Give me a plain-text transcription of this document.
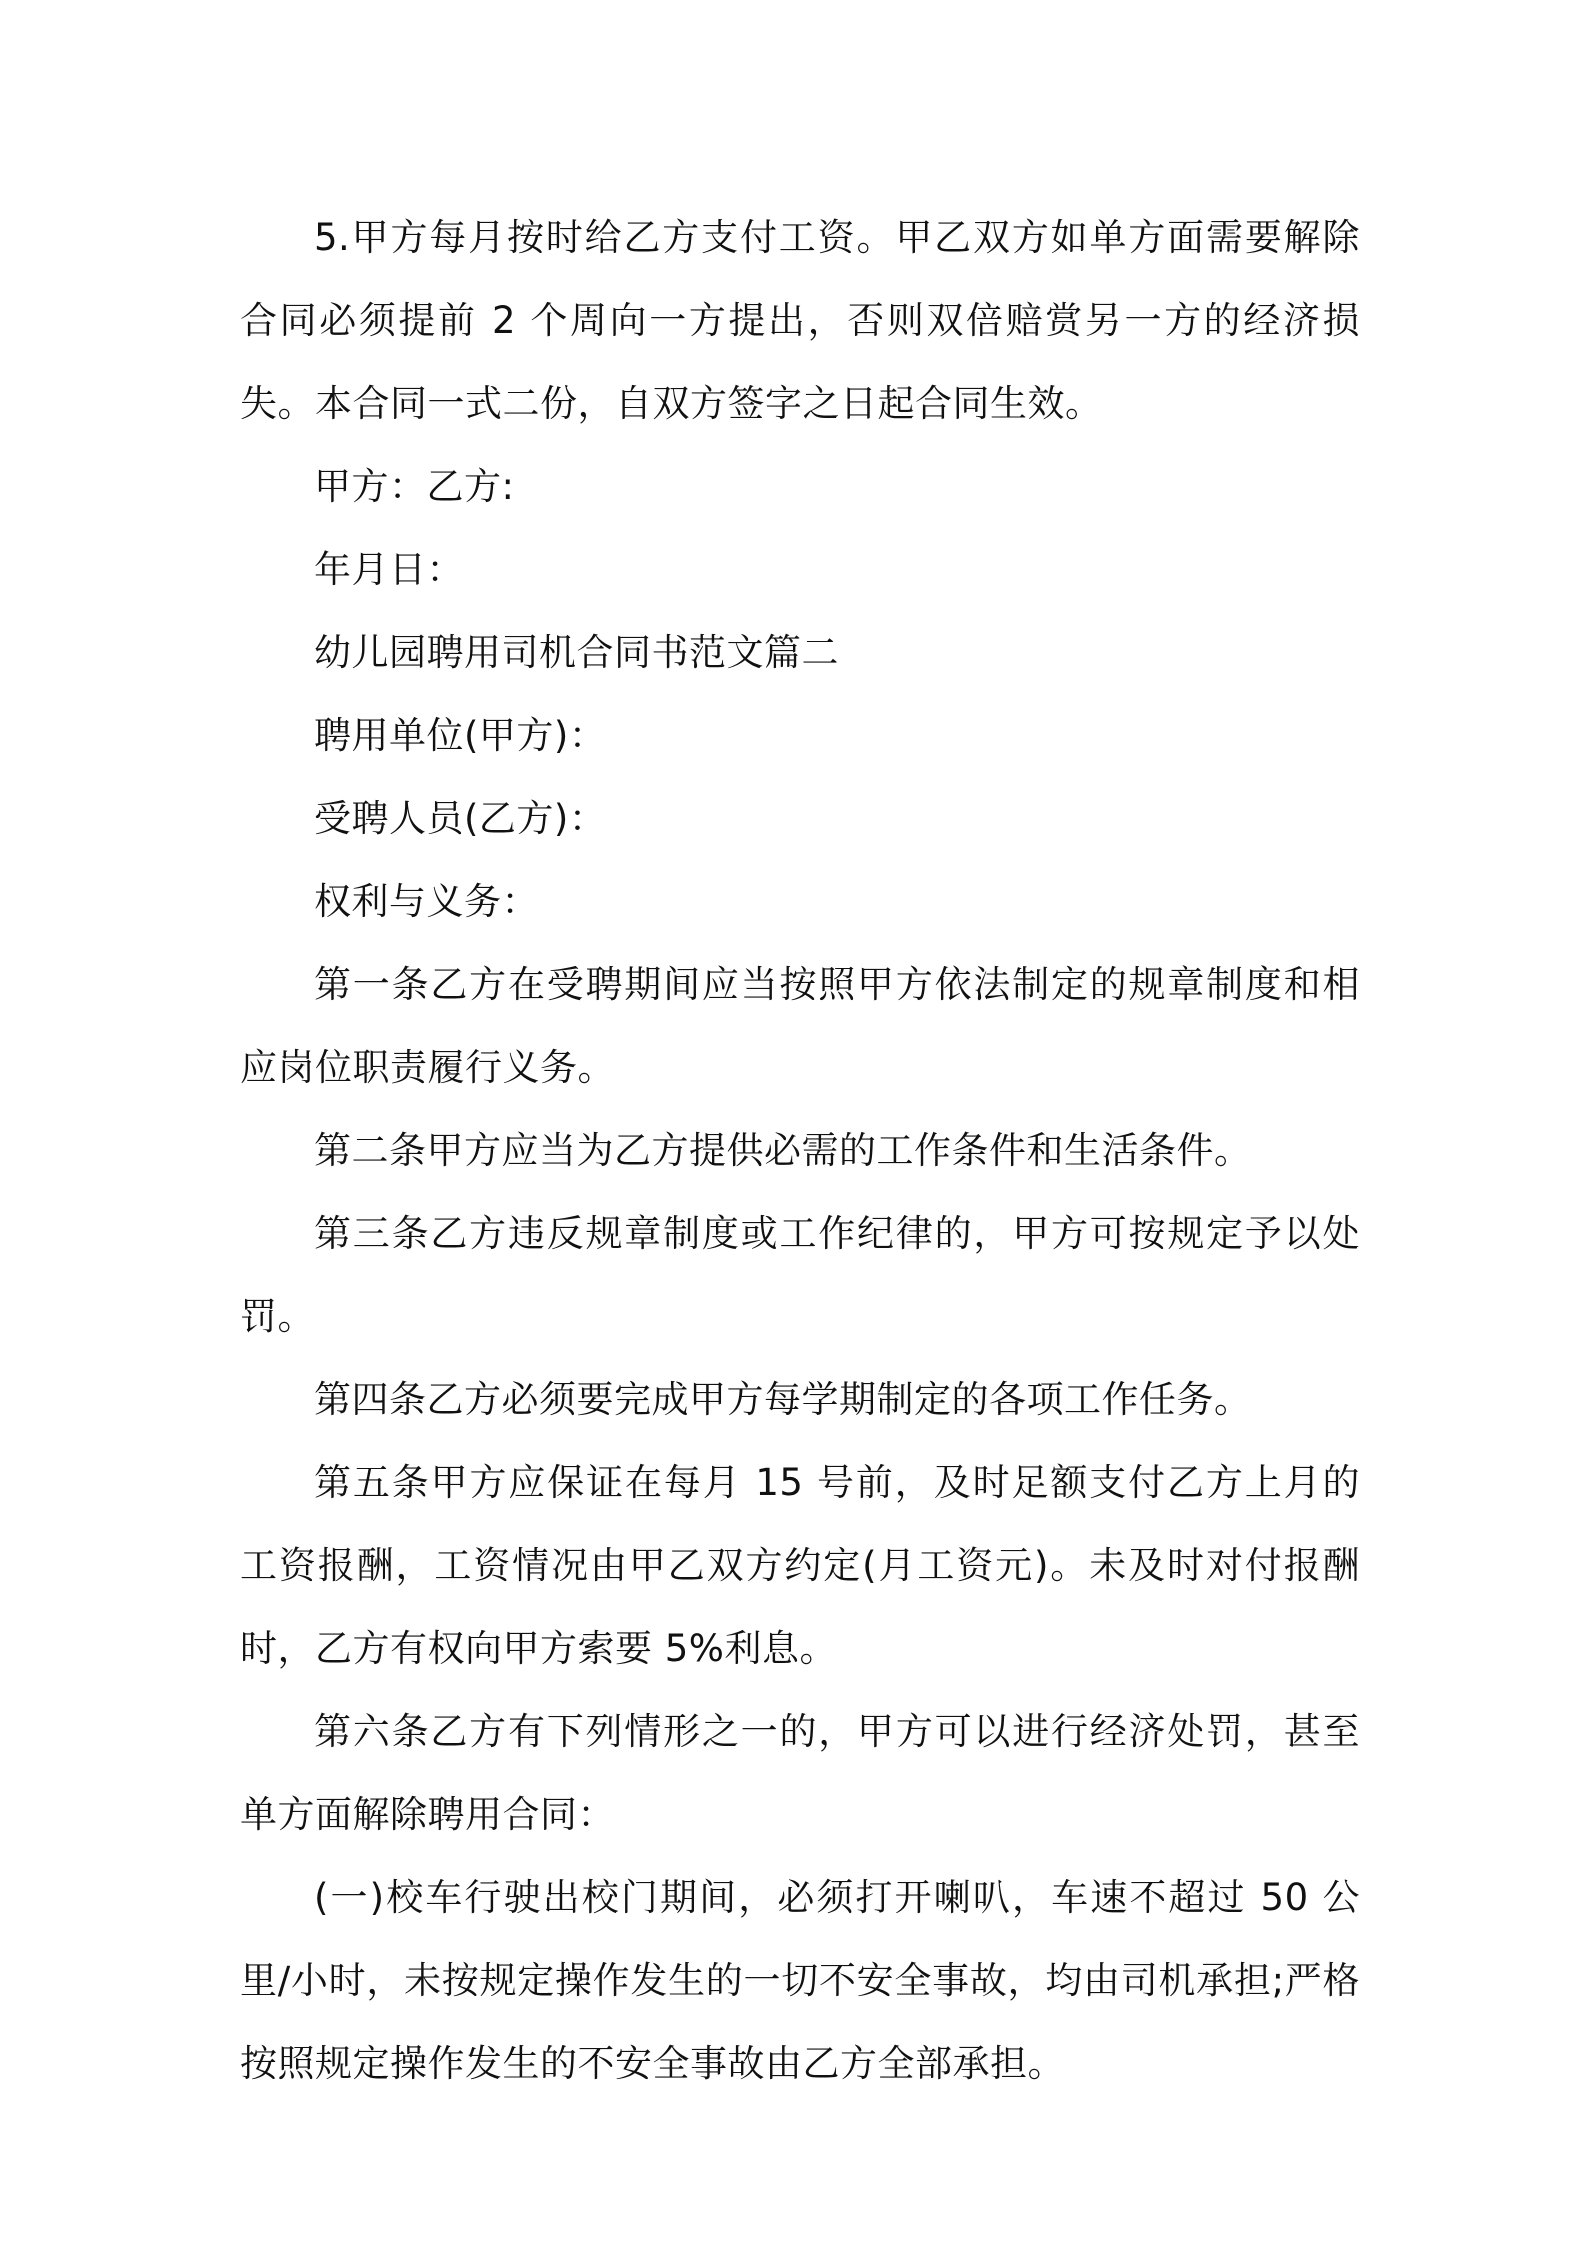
5.甲方每月按时给乙方支付工资。甲乙双方如单方面需要解除合同必须提前 2 个周向一方提出，否则双倍赔赏另一方的经济损失。本合同一式二份，自双方签字之日起合同生效。

甲方：乙方:

年月日：

幼儿园聘用司机合同书范文篇二

聘用单位(甲方)：

受聘人员(乙方)：

权利与义务：

第一条乙方在受聘期间应当按照甲方依法制定的规章制度和相应岗位职责履行义务。

第二条甲方应当为乙方提供必需的工作条件和生活条件。

第三条乙方违反规章制度或工作纪律的，甲方可按规定予以处罚。

第四条乙方必须要完成甲方每学期制定的各项工作任务。

第五条甲方应保证在每月 15 号前，及时足额支付乙方上月的工资报酬，工资情况由甲乙双方约定(月工资元)。未及时对付报酬时，乙方有权向甲方索要 5%利息。

第六条乙方有下列情形之一的，甲方可以进行经济处罚，甚至单方面解除聘用合同：

(一)校车行驶出校门期间，必须打开喇叭，车速不超过 50 公里/小时，未按规定操作发生的一切不安全事故，均由司机承担;严格按照规定操作发生的不安全事故由乙方全部承担。
